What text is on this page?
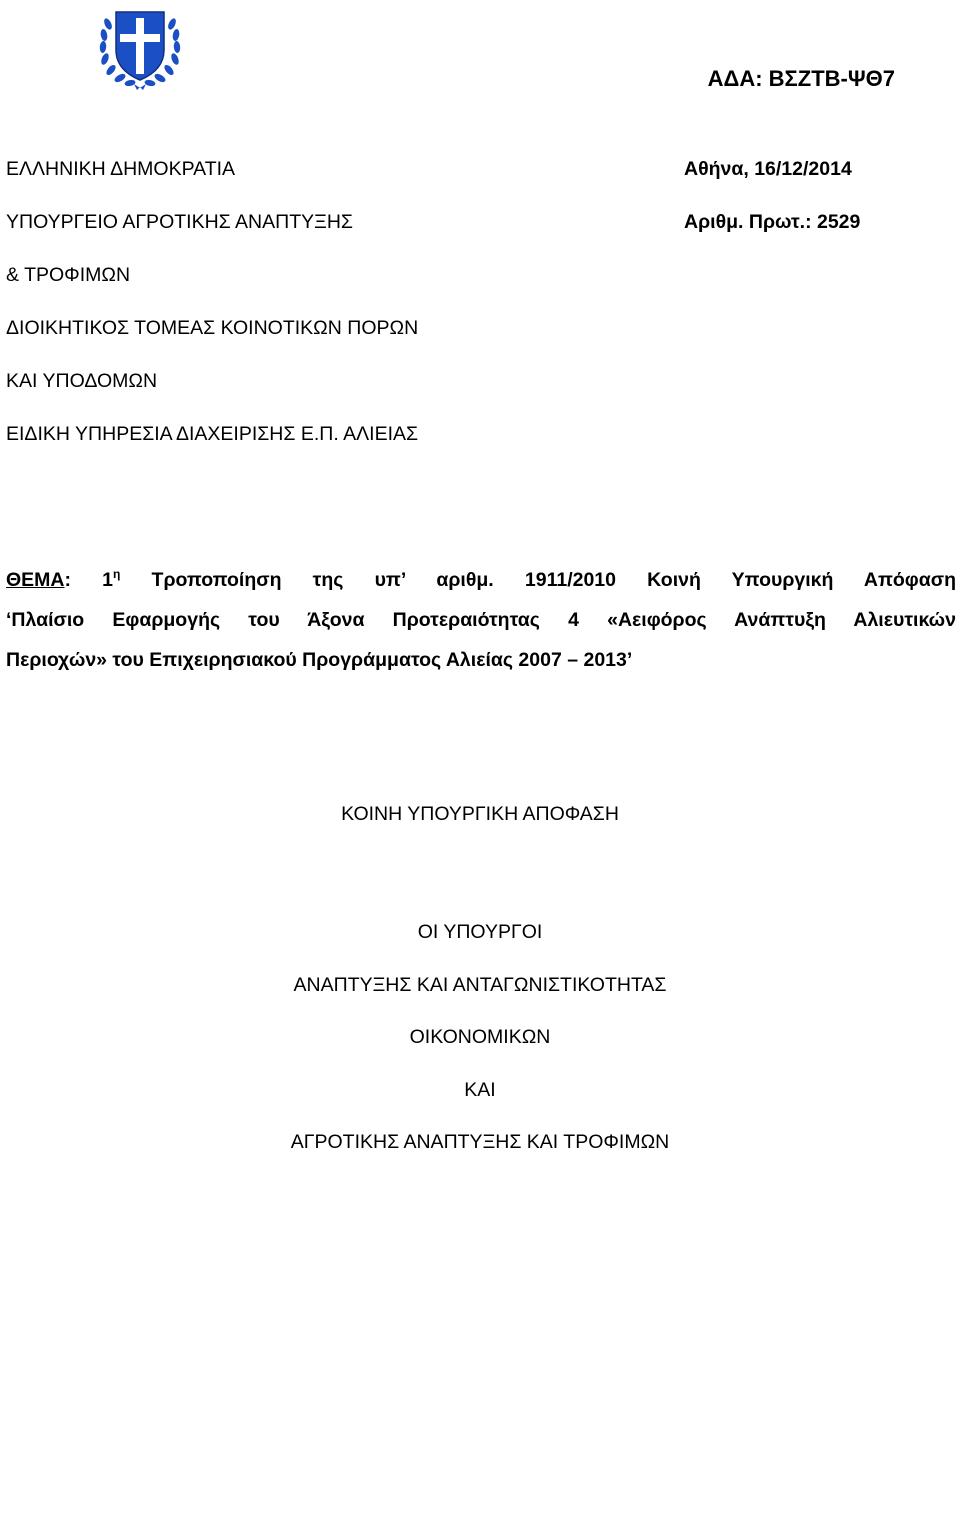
ΑΔΑ: ΒΣΖΤΒ-ΨΘ7
ΕΛΛΗΝΙΚΗ ΔΗΜΟΚΡΑΤΙΑ
ΥΠΟΥΡΓΕΙΟ ΑΓΡΟΤΙΚΗΣ ΑΝΑΠΤΥΞΗΣ
& ΤΡΟΦΙΜΩΝ
ΔΙΟΙΚΗΤΙΚΟΣ ΤΟΜΕΑΣ ΚΟΙΝΟΤΙΚΩΝ ΠΟΡΩΝ
ΚΑΙ ΥΠΟΔΟΜΩΝ
ΕΙΔΙΚΗ ΥΠΗΡΕΣΙΑ ΔΙΑΧΕΙΡΙΣΗΣ Ε.Π. ΑΛΙΕΙΑΣ
Αθήνα, 16/12/2014
Αριθμ. Πρωτ.: 2529
ΘΕΜΑ: $1^\eta$ Τροποποίηση της υπ’ αριθμ. 1911/2010 Κοινή Υπουργική Απόφαση
‘Πλαίσιο Εφαρμογής του Άξονα Προτεραιότητας 4 «Αειφόρος Ανάπτυξη Αλιευτικών
Περιοχών» του Επιχειρησιακού Προγράμματος Αλιείας 2007 – 2013’
ΚΟΙΝΗ ΥΠΟΥΡΓΙΚΗ ΑΠΟΦΑΣΗ
ΟΙ ΥΠΟΥΡΓΟΙ
ΑΝΑΠΤΥΞΗΣ ΚΑΙ ΑΝΤΑΓΩΝΙΣΤΙΚΟΤΗΤΑΣ
ΟΙΚΟΝΟΜΙΚΩΝ
ΚΑΙ
ΑΓΡΟΤΙΚΗΣ ΑΝΑΠΤΥΞΗΣ ΚΑΙ ΤΡΟΦΙΜΩΝ
